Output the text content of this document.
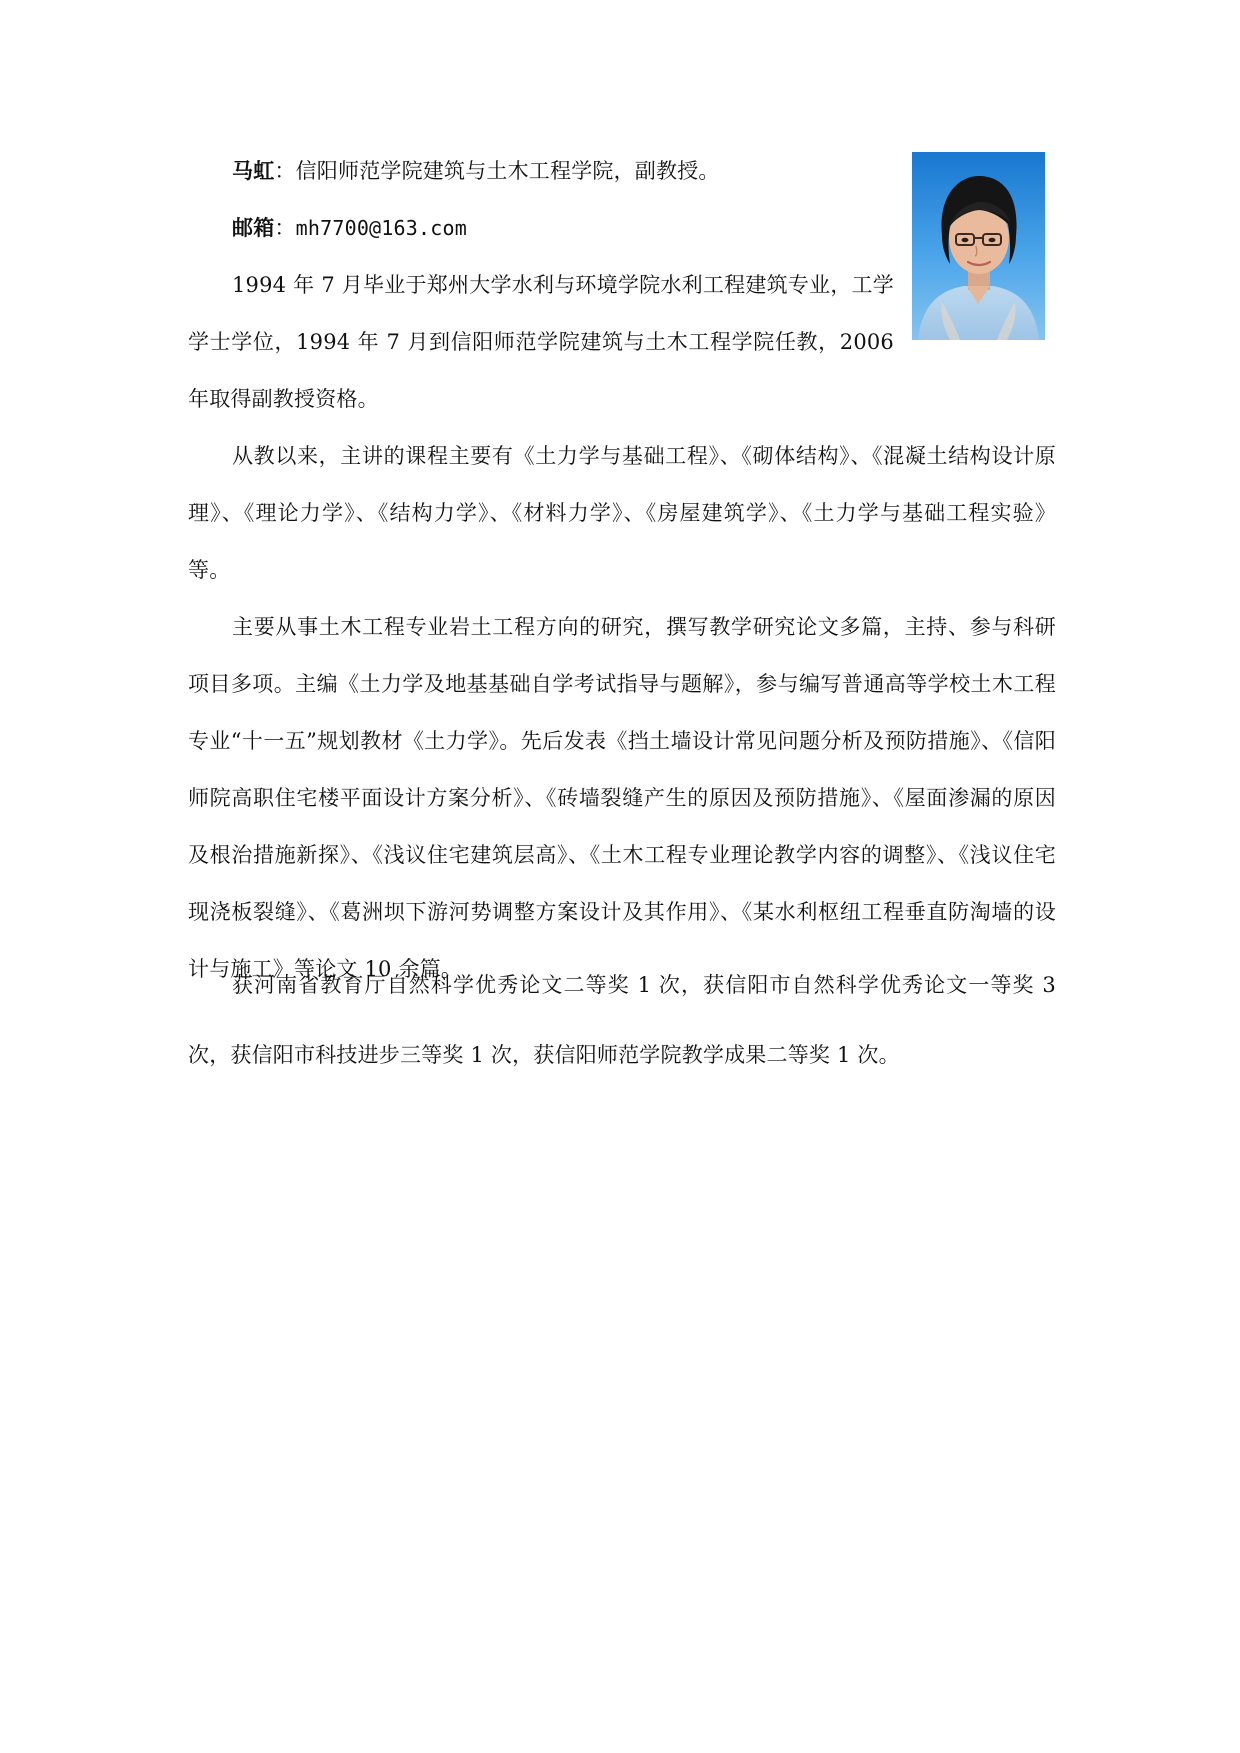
马虹：信阳师范学院建筑与土木工程学院，副教授。

邮箱：mh7700@163.com

1994 年 7 月毕业于郑州大学水利与环境学院水利工程建筑专业，工学学士学位，1994 年 7 月到信阳师范学院建筑与土木工程学院任教，2006 年取得副教授资格。

从教以来，主讲的课程主要有《土力学与基础工程》、《砌体结构》、《混凝土结构设计原理》、《理论力学》、《结构力学》、《材料力学》、《房屋建筑学》、《土力学与基础工程实验》等。

主要从事土木工程专业岩土工程方向的研究，撰写教学研究论文多篇，主持、参与科研项目多项。主编《土力学及地基基础自学考试指导与题解》，参与编写普通高等学校土木工程专业“十一五”规划教材《土力学》。先后发表《挡土墙设计常见问题分析及预防措施》、《信阳师院高职住宅楼平面设计方案分析》、《砖墙裂缝产生的原因及预防措施》、《屋面渗漏的原因及根治措施新探》、《浅议住宅建筑层高》、《土木工程专业理论教学内容的调整》、《浅议住宅现浇板裂缝》、《葛洲坝下游河势调整方案设计及其作用》、《某水利枢纽工程垂直防淘墙的设计与施工》等论文 10 余篇。

获河南省教育厅自然科学优秀论文二等奖 1 次，获信阳市自然科学优秀论文一等奖 3 次，获信阳市科技进步三等奖 1 次，获信阳师范学院教学成果二等奖 1 次。
